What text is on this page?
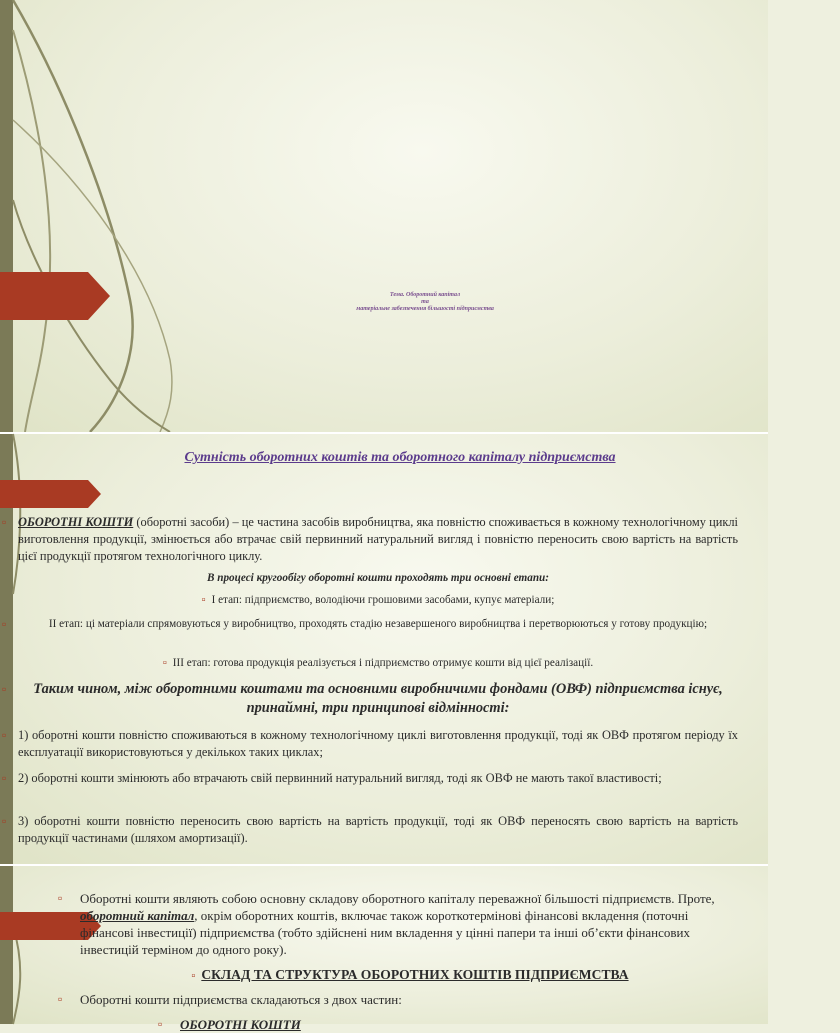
Тема. Оборотний капітал
та
матеріальне забезпечення більшості підприємства
Сутність оборотних коштів та оборотного капіталу підприємства
▫ ОБОРОТНІ КОШТИ (оборотні засоби) – це частина засобів виробництва, яка повністю споживається в кожному технологічному циклі виготовлення продукції, змінюється або втрачає свій первинний натуральний вигляд і повністю переносить свою вартість на вартість цієї продукції протягом технологічного циклу.
В процесі кругообігу оборотні кошти проходять три основні етапи:
▫ І етап: підприємство, володіючи грошовими засобами, купує матеріали;
▫	ІІ етап: ці матеріали спрямовуються у виробництво, проходять стадію незавершеного виробництва і перетворюються у готову продукцію;
▫ ІІІ етап: готова продукція реалізується і підприємство отримує кошти від цієї реалізації.
▫ Таким чином, між оборотними коштами та основними виробничими фондами (ОВФ) підприємства існує, принаймні, три принципові відмінності:
▫ 1) оборотні кошти повністю споживаються в кожному технологічному циклі виготовлення продукції, тоді як ОВФ протягом періоду їх експлуатації використовуються у декількох таких циклах;
▫ 2) оборотні кошти змінюють або втрачають свій первинний натуральний вигляд, тоді як ОВФ не мають такої властивості;
▫ 3) оборотні кошти повністю переносить свою вартість на вартість продукції, тоді як ОВФ переносять свою вартість на вартість продукції частинами (шляхом амортизації).
▫ Оборотні кошти являють собою основну складову оборотного капіталу переважної більшості підприємств. Проте, оборотний капітал, окрім оборотних коштів, включає також короткотермінові фінансові вкладення (поточні фінансові інвестиції) підприємства (тобто здійснені ним вкладення у цінні папери та інші об’єкти фінансових інвестицій терміном до одного року).
▫ СКЛАД ТА СТРУКТУРА ОБОРОТНИХ КОШТІВ ПІДПРИЄМСТВА
▫ Оборотні кошти підприємства складаються з двох частин:
▫ ОБОРОТНІ КОШТИ
